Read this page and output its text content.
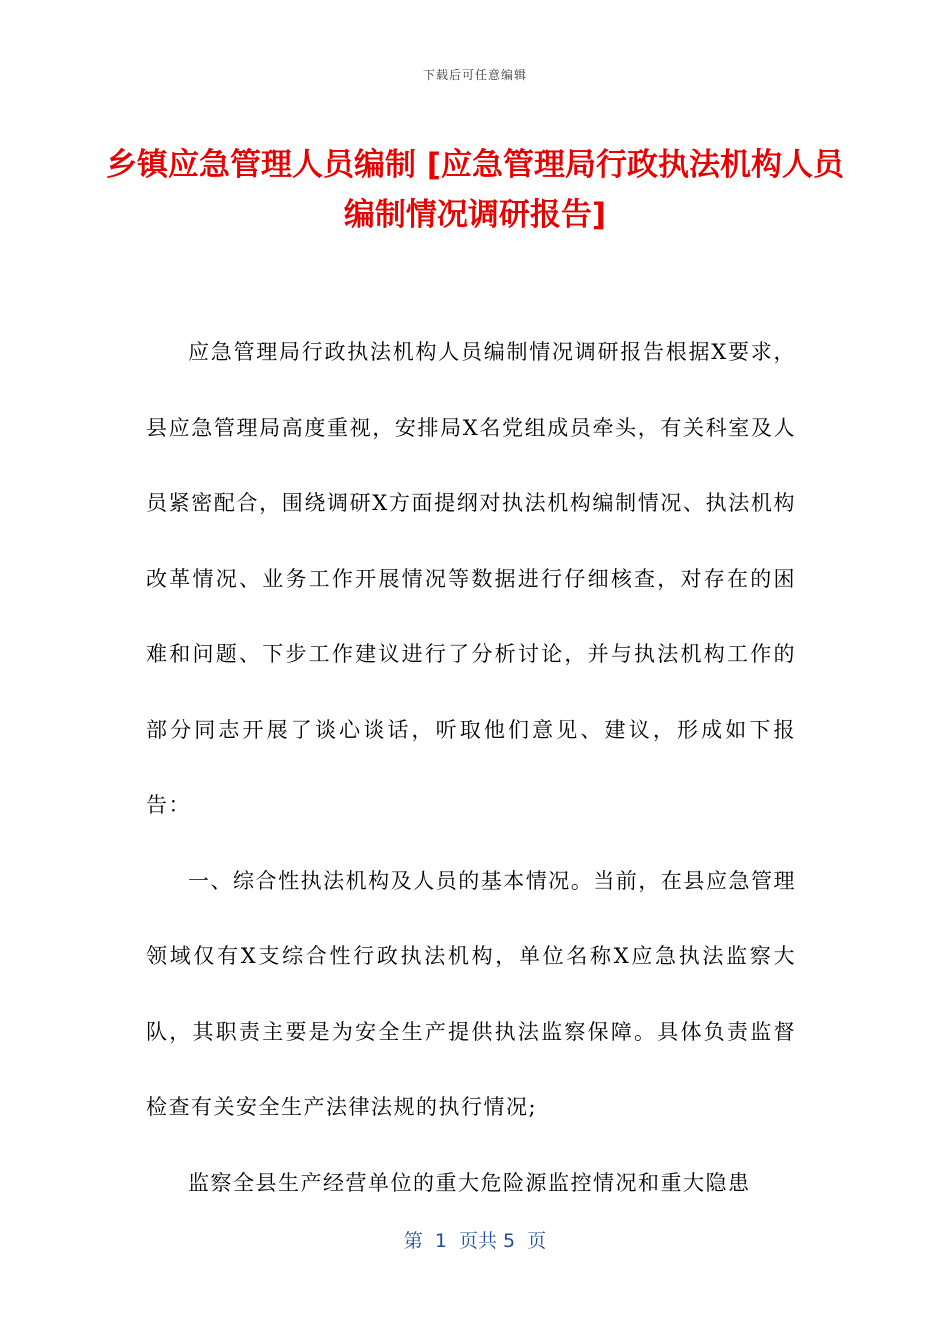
下载后可任意编辑
乡镇应急管理人员编制 [应急管理局行政执法机构人员编制情况调研报告]

应急管理局行政执法机构人员编制情况调研报告根据X要求，县应急管理局高度重视，安排局X名党组成员牵头，有关科室及人员紧密配合，围绕调研X方面提纲对执法机构编制情况、执法机构改革情况、业务工作开展情况等数据进行仔细核查，对存在的困难和问题、下步工作建议进行了分析讨论，并与执法机构工作的部分同志开展了谈心谈话，听取他们意见、建议，形成如下报告：

一、综合性执法机构及人员的基本情况。当前，在县应急管理领域仅有X支综合性行政执法机构，单位名称X应急执法监察大队，其职责主要是为安全生产提供执法监察保障。具体负责监督检查有关安全生产法律法规的执行情况;

监察全县生产经营单位的重大危险源监控情况和重大隐患

第  1  页共 5  页
